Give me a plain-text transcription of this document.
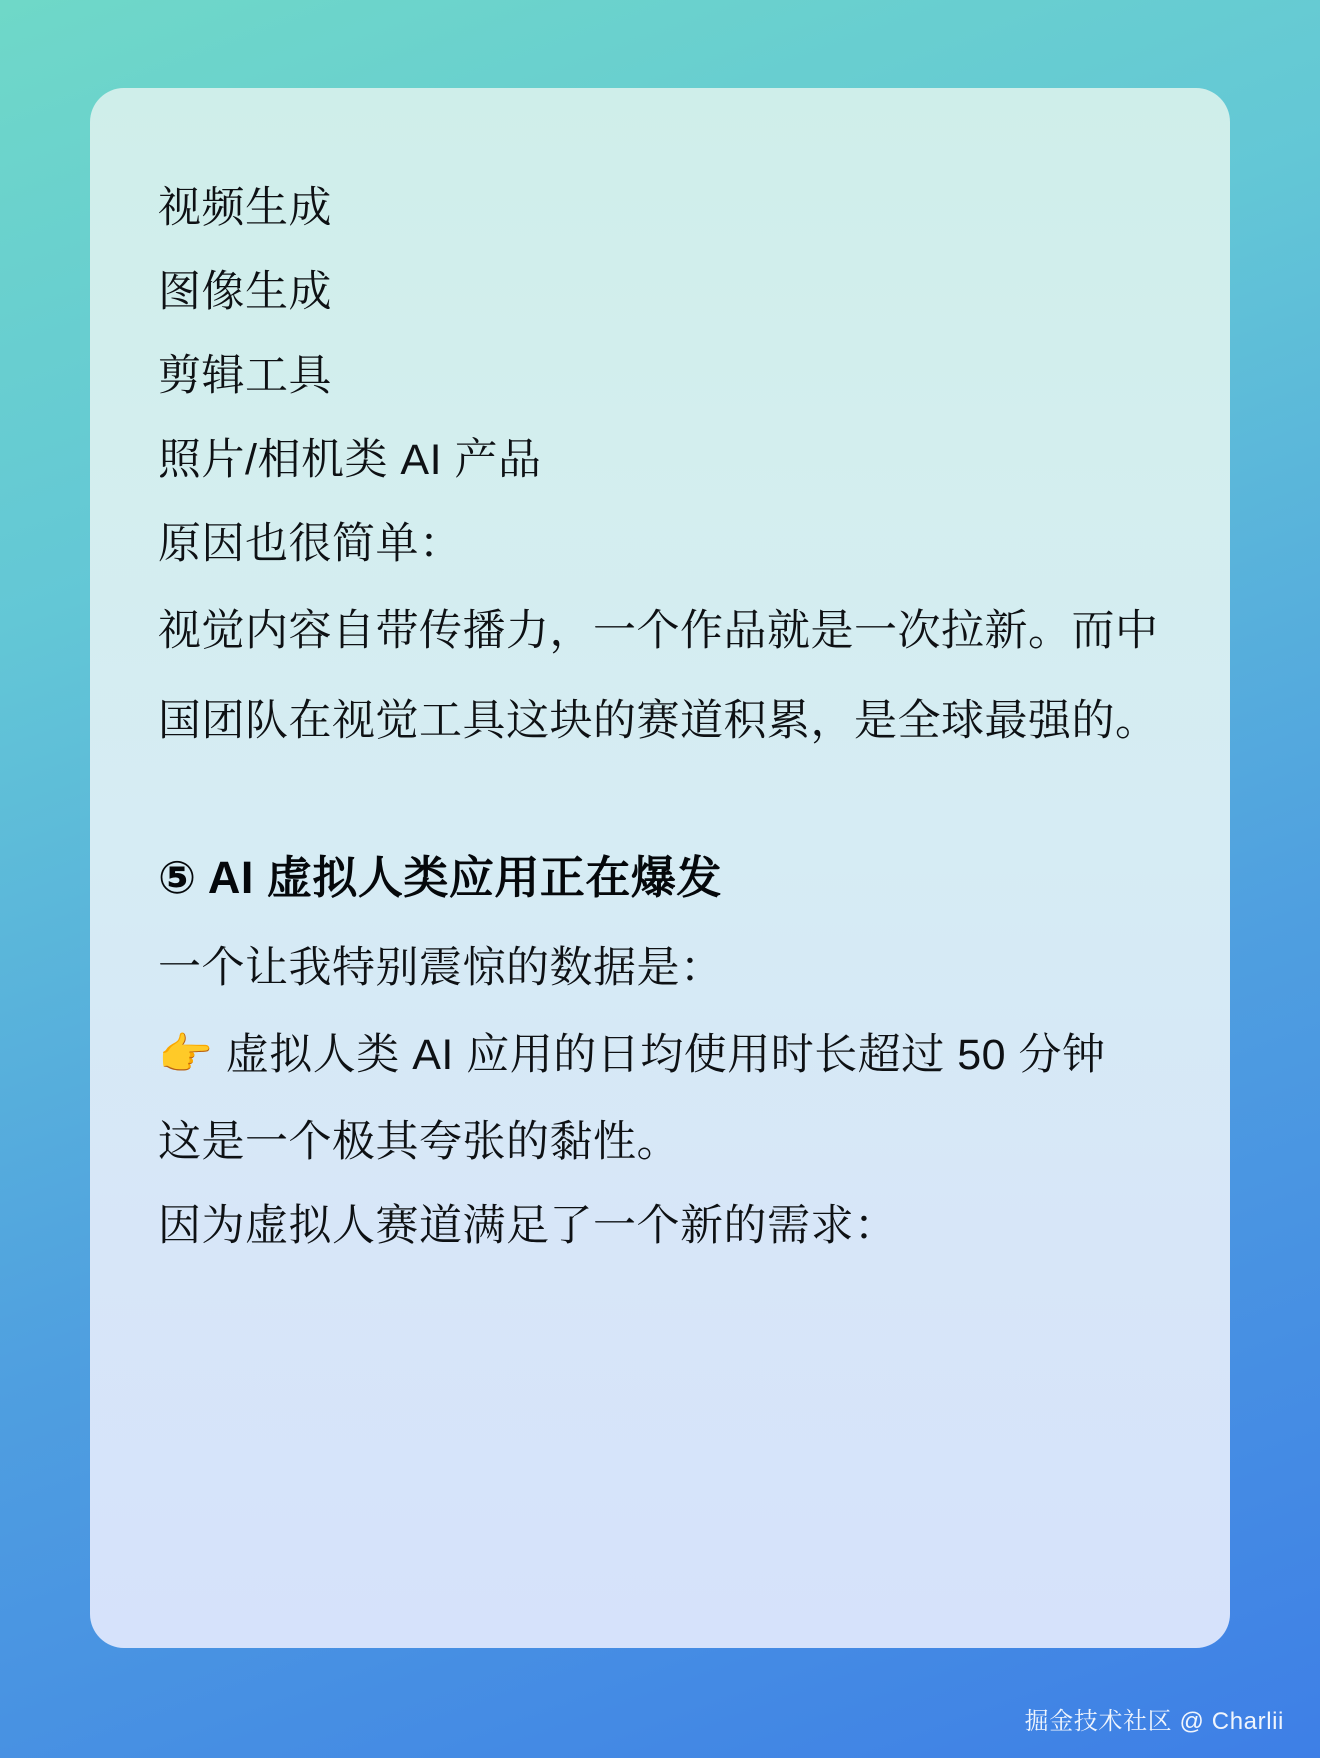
视频生成
图像生成
剪辑工具
照片/相机类 AI 产品
原因也很简单：
视觉内容自带传播力，一个作品就是一次拉新。而中国团队在视觉工具这块的赛道积累，是全球最强的。
⑤ AI 虚拟人类应用正在爆发
一个让我特别震惊的数据是：
👉 虚拟人类 AI 应用的日均使用时长超过 50 分钟
这是一个极其夸张的黏性。
因为虚拟人赛道满足了一个新的需求：
掘金技术社区 @ Charlii
